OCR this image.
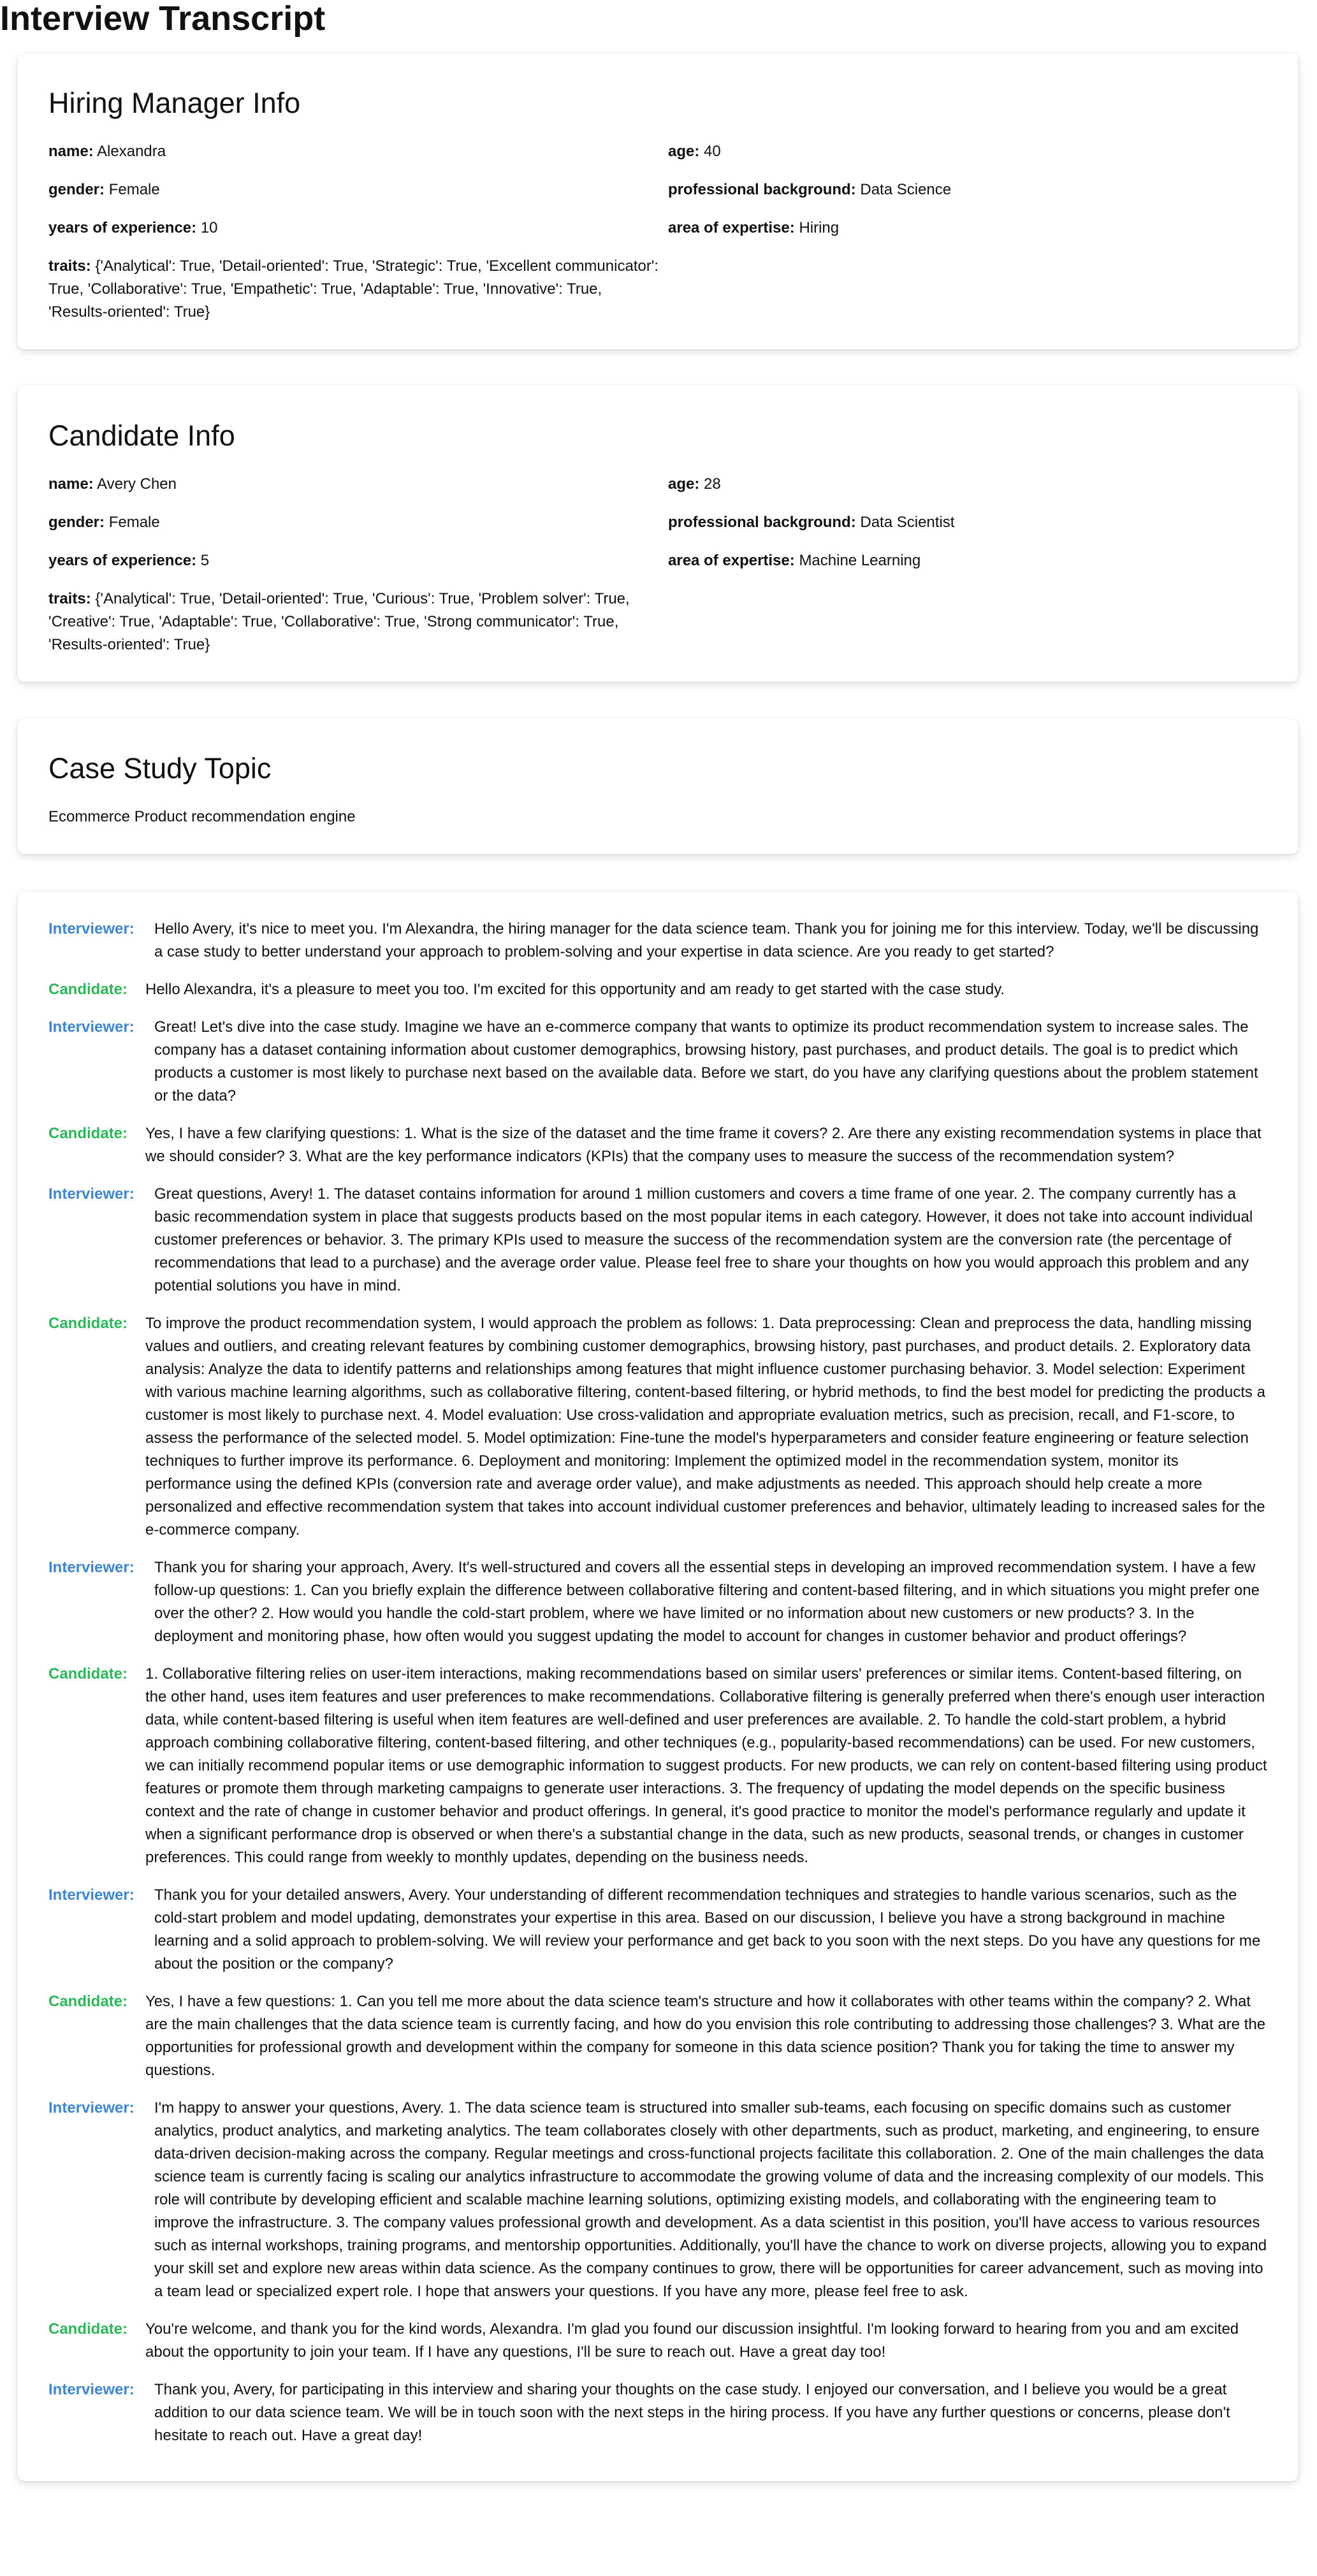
Interview Transcript
Hiring Manager Info
name: Alexandra	age: 40
gender: Female	professional background: Data Science
years of experience: 10	area of expertise: Hiring
traits: {'Analytical': True, 'Detail-oriented': True, 'Strategic': True, 'Excellent communicator': True, 'Collaborative': True, 'Empathetic': True, 'Adaptable': True, 'Innovative': True, 'Results-oriented': True}
Candidate Info
name: Avery Chen	age: 28
gender: Female	professional background: Data Scientist
years of experience: 5	area of expertise: Machine Learning
traits: {'Analytical': True, 'Detail-oriented': True, 'Curious': True, 'Problem solver': True, 'Creative': True, 'Adaptable': True, 'Collaborative': True, 'Strong communicator': True, 'Results-oriented': True}
Case Study Topic
Ecommerce Product recommendation engine
Interviewer:	Hello Avery, it's nice to meet you. I'm Alexandra, the hiring manager for the data science team. Thank you for joining me for this interview. Today, we'll be discussing a case study to better understand your approach to problem-solving and your expertise in data science. Are you ready to get started?
Candidate:	Hello Alexandra, it's a pleasure to meet you too. I'm excited for this opportunity and am ready to get started with the case study.
Interviewer:	Great! Let's dive into the case study. Imagine we have an e-commerce company that wants to optimize its product recommendation system to increase sales. The company has a dataset containing information about customer demographics, browsing history, past purchases, and product details. The goal is to predict which products a customer is most likely to purchase next based on the available data. Before we start, do you have any clarifying questions about the problem statement or the data?
Candidate:	Yes, I have a few clarifying questions: 1. What is the size of the dataset and the time frame it covers? 2. Are there any existing recommendation systems in place that we should consider? 3. What are the key performance indicators (KPIs) that the company uses to measure the success of the recommendation system?
Interviewer:	Great questions, Avery! 1. The dataset contains information for around 1 million customers and covers a time frame of one year. 2. The company currently has a basic recommendation system in place that suggests products based on the most popular items in each category. However, it does not take into account individual customer preferences or behavior. 3. The primary KPIs used to measure the success of the recommendation system are the conversion rate (the percentage of recommendations that lead to a purchase) and the average order value. Please feel free to share your thoughts on how you would approach this problem and any potential solutions you have in mind.
Candidate:	To improve the product recommendation system, I would approach the problem as follows: 1. Data preprocessing: Clean and preprocess the data, handling missing values and outliers, and creating relevant features by combining customer demographics, browsing history, past purchases, and product details. 2. Exploratory data analysis: Analyze the data to identify patterns and relationships among features that might influence customer purchasing behavior. 3. Model selection: Experiment with various machine learning algorithms, such as collaborative filtering, content-based filtering, or hybrid methods, to find the best model for predicting the products a customer is most likely to purchase next. 4. Model evaluation: Use cross-validation and appropriate evaluation metrics, such as precision, recall, and F1-score, to assess the performance of the selected model. 5. Model optimization: Fine-tune the model's hyperparameters and consider feature engineering or feature selection techniques to further improve its performance. 6. Deployment and monitoring: Implement the optimized model in the recommendation system, monitor its performance using the defined KPIs (conversion rate and average order value), and make adjustments as needed. This approach should help create a more personalized and effective recommendation system that takes into account individual customer preferences and behavior, ultimately leading to increased sales for the e-commerce company.
Interviewer:	Thank you for sharing your approach, Avery. It's well-structured and covers all the essential steps in developing an improved recommendation system. I have a few follow-up questions: 1. Can you briefly explain the difference between collaborative filtering and content-based filtering, and in which situations you might prefer one over the other? 2. How would you handle the cold-start problem, where we have limited or no information about new customers or new products? 3. In the deployment and monitoring phase, how often would you suggest updating the model to account for changes in customer behavior and product offerings?
Candidate:	1. Collaborative filtering relies on user-item interactions, making recommendations based on similar users' preferences or similar items. Content-based filtering, on the other hand, uses item features and user preferences to make recommendations. Collaborative filtering is generally preferred when there's enough user interaction data, while content-based filtering is useful when item features are well-defined and user preferences are available. 2. To handle the cold-start problem, a hybrid approach combining collaborative filtering, content-based filtering, and other techniques (e.g., popularity-based recommendations) can be used. For new customers, we can initially recommend popular items or use demographic information to suggest products. For new products, we can rely on content-based filtering using product features or promote them through marketing campaigns to generate user interactions. 3. The frequency of updating the model depends on the specific business context and the rate of change in customer behavior and product offerings. In general, it's good practice to monitor the model's performance regularly and update it when a significant performance drop is observed or when there's a substantial change in the data, such as new products, seasonal trends, or changes in customer preferences. This could range from weekly to monthly updates, depending on the business needs.
Interviewer:	Thank you for your detailed answers, Avery. Your understanding of different recommendation techniques and strategies to handle various scenarios, such as the cold-start problem and model updating, demonstrates your expertise in this area. Based on our discussion, I believe you have a strong background in machine learning and a solid approach to problem-solving. We will review your performance and get back to you soon with the next steps. Do you have any questions for me about the position or the company?
Candidate:	Yes, I have a few questions: 1. Can you tell me more about the data science team's structure and how it collaborates with other teams within the company? 2. What are the main challenges that the data science team is currently facing, and how do you envision this role contributing to addressing those challenges? 3. What are the opportunities for professional growth and development within the company for someone in this data science position? Thank you for taking the time to answer my questions.
Interviewer:	I'm happy to answer your questions, Avery. 1. The data science team is structured into smaller sub-teams, each focusing on specific domains such as customer analytics, product analytics, and marketing analytics. The team collaborates closely with other departments, such as product, marketing, and engineering, to ensure data-driven decision-making across the company. Regular meetings and cross-functional projects facilitate this collaboration. 2. One of the main challenges the data science team is currently facing is scaling our analytics infrastructure to accommodate the growing volume of data and the increasing complexity of our models. This role will contribute by developing efficient and scalable machine learning solutions, optimizing existing models, and collaborating with the engineering team to improve the infrastructure. 3. The company values professional growth and development. As a data scientist in this position, you'll have access to various resources such as internal workshops, training programs, and mentorship opportunities. Additionally, you'll have the chance to work on diverse projects, allowing you to expand your skill set and explore new areas within data science. As the company continues to grow, there will be opportunities for career advancement, such as moving into a team lead or specialized expert role. I hope that answers your questions. If you have any more, please feel free to ask.
Candidate:	You're welcome, and thank you for the kind words, Alexandra. I'm glad you found our discussion insightful. I'm looking forward to hearing from you and am excited about the opportunity to join your team. If I have any questions, I'll be sure to reach out. Have a great day too!
Interviewer:	Thank you, Avery, for participating in this interview and sharing your thoughts on the case study. I enjoyed our conversation, and I believe you would be a great addition to our data science team. We will be in touch soon with the next steps in the hiring process. If you have any further questions or concerns, please don't hesitate to reach out. Have a great day!
